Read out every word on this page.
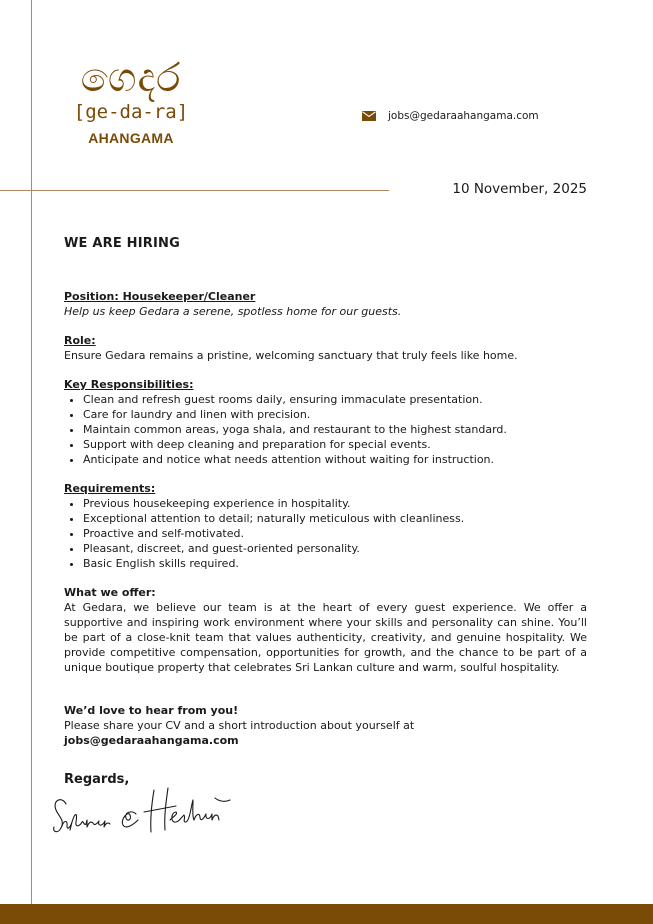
ගෙදර
[ge-da-ra]
AHANGAMA
jobs@gedaraahangama.com
10 November, 2025

WE ARE HIRING

Position: Housekeeper/Cleaner

Help us keep Gedara a serene, spotless home for our guests.

Role:

Ensure Gedara remains a pristine, welcoming sanctuary that truly feels like home.

Key Responsibilities:

• Clean and refresh guest rooms daily, ensuring immaculate presentation.
• Care for laundry and linen with precision.
• Maintain common areas, yoga shala, and restaurant to the highest standard.
• Support with deep cleaning and preparation for special events.
• Anticipate and notice what needs attention without waiting for instruction.

Requirements:

• Previous housekeeping experience in hospitality.
• Exceptional attention to detail; naturally meticulous with cleanliness.
• Proactive and self-motivated.
• Pleasant, discreet, and guest-oriented personality.
• Basic English skills required.

What we offer:

At Gedara, we believe our team is at the heart of every guest experience. We offer a supportive and inspiring work environment where your skills and personality can shine. You’ll be part of a close-knit team that values authenticity, creativity, and genuine hospitality. We provide competitive compensation, opportunities for growth, and the chance to be part of a unique boutique property that celebrates Sri Lankan culture and warm, soulful hospitality.

We’d love to hear from you!

Please share your CV and a short introduction about yourself at jobs@gedaraahangama.com

Regards,
